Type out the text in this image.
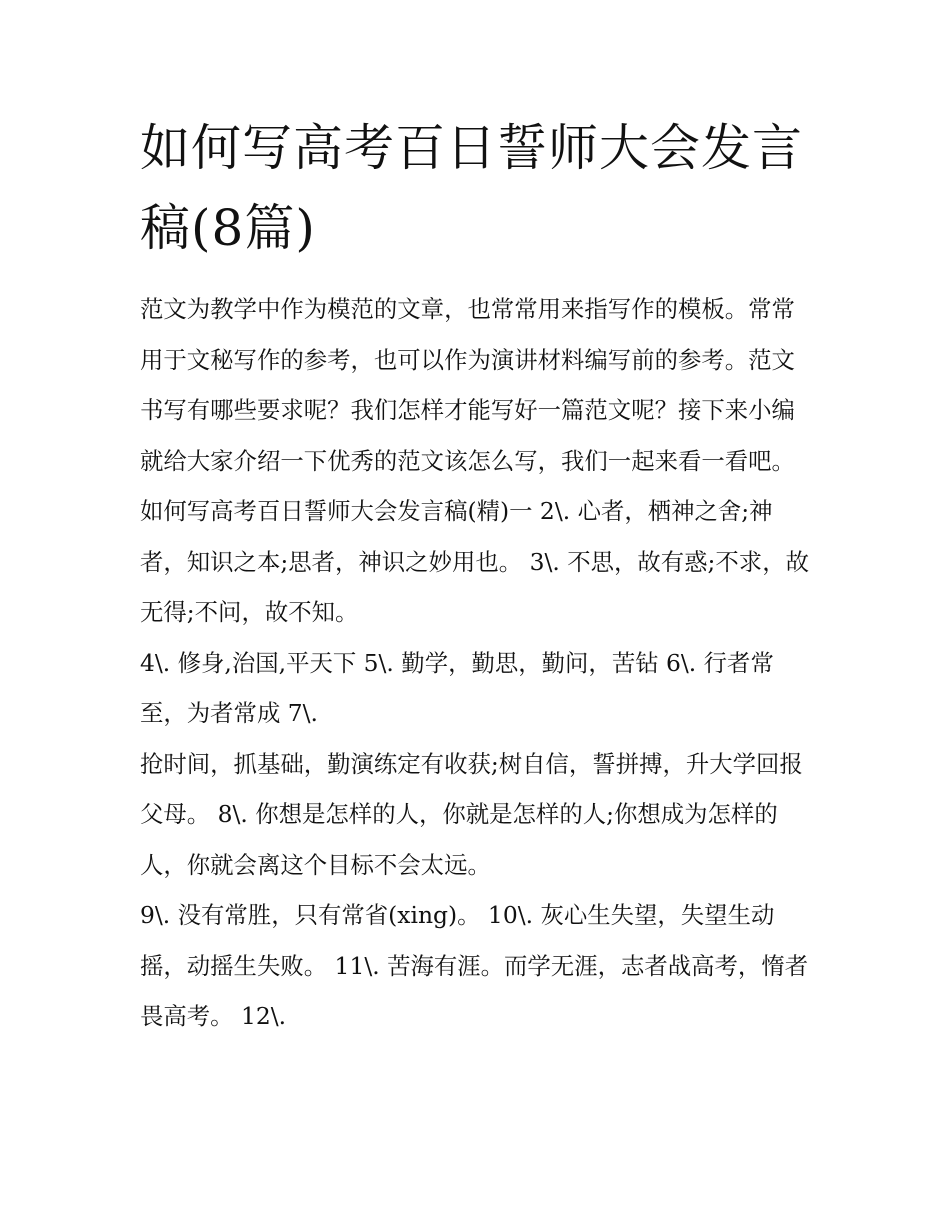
如何写高考百日誓师大会发言稿(8篇)

范文为教学中作为模范的文章，也常常用来指写作的模板。常常用于文秘写作的参考，也可以作为演讲材料编写前的参考。范文书写有哪些要求呢？我们怎样才能写好一篇范文呢？接下来小编就给大家介绍一下优秀的范文该怎么写，我们一起来看一看吧。

如何写高考百日誓师大会发言稿(精)一 2\. 心者，栖神之舍;神者，知识之本;思者，神识之妙用也。 3\. 不思，故有惑;不求，故无得;不问，故不知。

4\. 修身,治国,平天下 5\. 勤学，勤思，勤问，苦钻 6\. 行者常至，为者常成 7\.

抢时间，抓基础，勤演练定有收获;树自信，誓拼搏，升大学回报父母。 8\. 你想是怎样的人，你就是怎样的人;你想成为怎样的人，你就会离这个目标不会太远。

9\. 没有常胜，只有常省(xing)。 10\. 灰心生失望，失望生动摇，动摇生失败。 11\. 苦海有涯。而学无涯，志者战高考，惰者畏高考。 12\.
